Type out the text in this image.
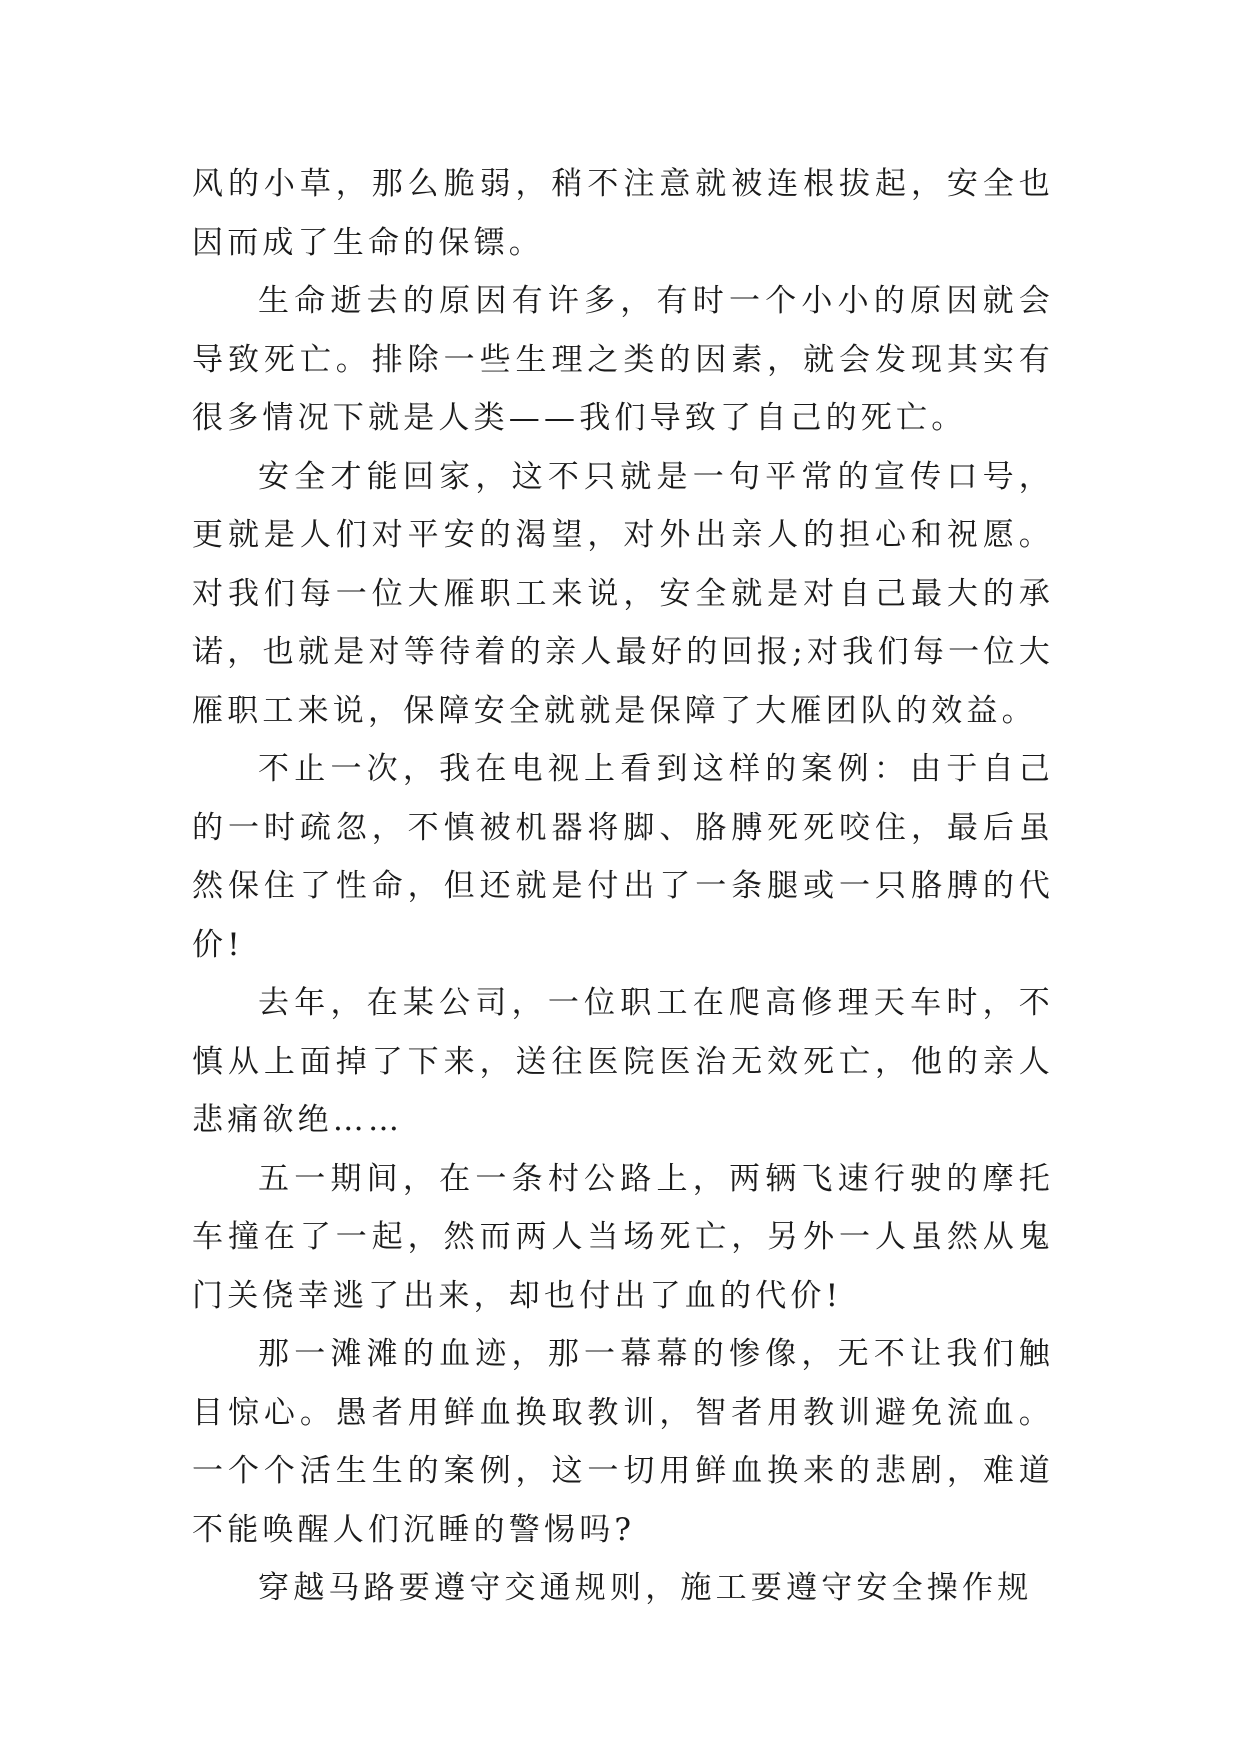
风的小草，那么脆弱，稍不注意就被连根拔起，安全也因而成了生命的保镖。

生命逝去的原因有许多，有时一个小小的原因就会导致死亡。排除一些生理之类的因素，就会发现其实有很多情况下就是人类——我们导致了自己的死亡。

安全才能回家，这不只就是一句平常的宣传口号，更就是人们对平安的渴望，对外出亲人的担心和祝愿。对我们每一位大雁职工来说，安全就是对自己最大的承诺，也就是对等待着的亲人最好的回报;对我们每一位大雁职工来说，保障安全就就是保障了大雁团队的效益。

不止一次，我在电视上看到这样的案例：由于自己的一时疏忽，不慎被机器将脚、胳膊死死咬住，最后虽然保住了性命，但还就是付出了一条腿或一只胳膊的代价!

去年，在某公司，一位职工在爬高修理天车时，不慎从上面掉了下来，送往医院医治无效死亡，他的亲人悲痛欲绝……

五一期间，在一条村公路上，两辆飞速行驶的摩托车撞在了一起，然而两人当场死亡，另外一人虽然从鬼门关侥幸逃了出来，却也付出了血的代价!

那一滩滩的血迹，那一幕幕的惨像，无不让我们触目惊心。愚者用鲜血换取教训，智者用教训避免流血。一个个活生生的案例，这一切用鲜血换来的悲剧，难道不能唤醒人们沉睡的警惕吗?

穿越马路要遵守交通规则，施工要遵守安全操作规
